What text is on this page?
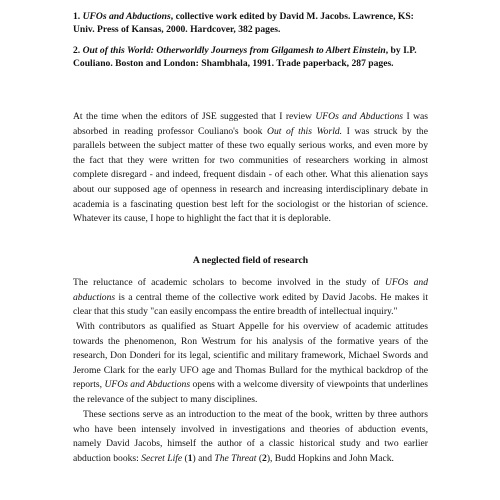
1. UFOs and Abductions, collective work edited by David M. Jacobs. Lawrence, KS: Univ. Press of Kansas, 2000. Hardcover, 382 pages.

2. Out of this World: Otherworldly Journeys from Gilgamesh to Albert Einstein, by I.P. Couliano. Boston and London: Shambhala, 1991. Trade paperback, 287 pages.

At the time when the editors of JSE suggested that I review UFOs and Abductions I was absorbed in reading professor Couliano's book Out of this World. I was struck by the parallels between the subject matter of these two equally serious works, and even more by the fact that they were written for two communities of researchers working in almost complete disregard - and indeed, frequent disdain - of each other. What this alienation says about our supposed age of openness in research and increasing interdisciplinary debate in academia is a fascinating question best left for the sociologist or the historian of science. Whatever its cause, I hope to highlight the fact that it is deplorable.

A neglected field of research

The reluctance of academic scholars to become involved in the study of UFOs and abductions is a central theme of the collective work edited by David Jacobs. He makes it clear that this study "can easily encompass the entire breadth of intellectual inquiry."

With contributors as qualified as Stuart Appelle for his overview of academic attitudes towards the phenomenon, Ron Westrum for his analysis of the formative years of the research, Don Donderi for its legal, scientific and military framework, Michael Swords and Jerome Clark for the early UFO age and Thomas Bullard for the mythical backdrop of the reports, UFOs and Abductions opens with a welcome diversity of viewpoints that underlines the relevance of the subject to many disciplines.

These sections serve as an introduction to the meat of the book, written by three authors who have been intensely involved in investigations and theories of abduction events, namely David Jacobs, himself the author of a classic historical study and two earlier abduction books: Secret Life (1) and The Threat (2), Budd Hopkins and John Mack.
